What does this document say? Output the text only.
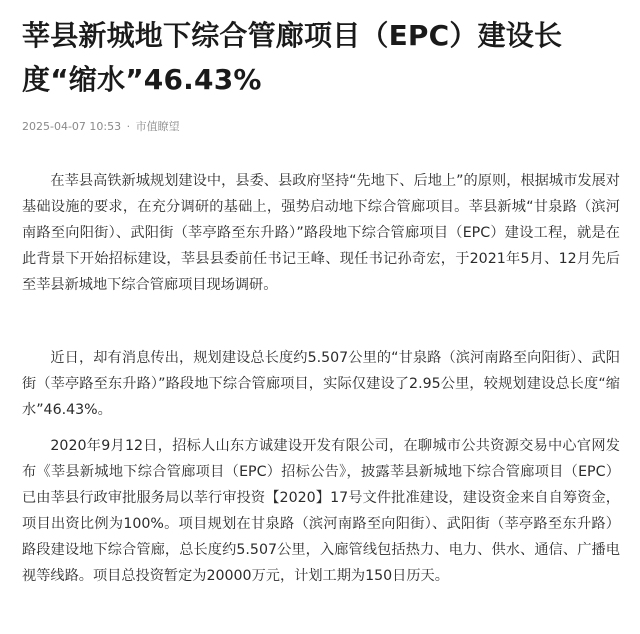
莘县新城地下综合管廊项目（EPC）建设长度“缩水”46.43%
2025-04-07 10:53 · 市值瞭望

在莘县高铁新城规划建设中，县委、县政府坚持“先地下、后地上”的原则，根据城市发展对基础设施的要求，在充分调研的基础上，强势启动地下综合管廊项目。莘县新城“甘泉路（滨河南路至向阳街）、武阳街（莘亭路至东升路）”路段地下综合管廊项目（EPC）建设工程，就是在此背景下开始招标建设，莘县县委前任书记王峰、现任书记孙奇宏，于2021年5月、12月先后至莘县新城地下综合管廊项目现场调研。

近日，却有消息传出，规划建设总长度约5.507公里的“甘泉路（滨河南路至向阳街）、武阳街（莘亭路至东升路）”路段地下综合管廊项目，实际仅建设了2.95公里，较规划建设总长度“缩水”46.43%。

2020年9月12日，招标人山东方诚建设开发有限公司，在聊城市公共资源交易中心官网发布《莘县新城地下综合管廊项目（EPC）招标公告》，披露莘县新城地下综合管廊项目（EPC）已由莘县行政审批服务局以莘行审投资【2020】17号文件批准建设，建设资金来自自筹资金，项目出资比例为100%。项目规划在甘泉路（滨河南路至向阳街）、武阳街（莘亭路至东升路）路段建设地下综合管廊，总长度约5.507公里，入廊管线包括热力、电力、供水、通信、广播电视等线路。项目总投资暂定为20000万元，计划工期为150日历天。
